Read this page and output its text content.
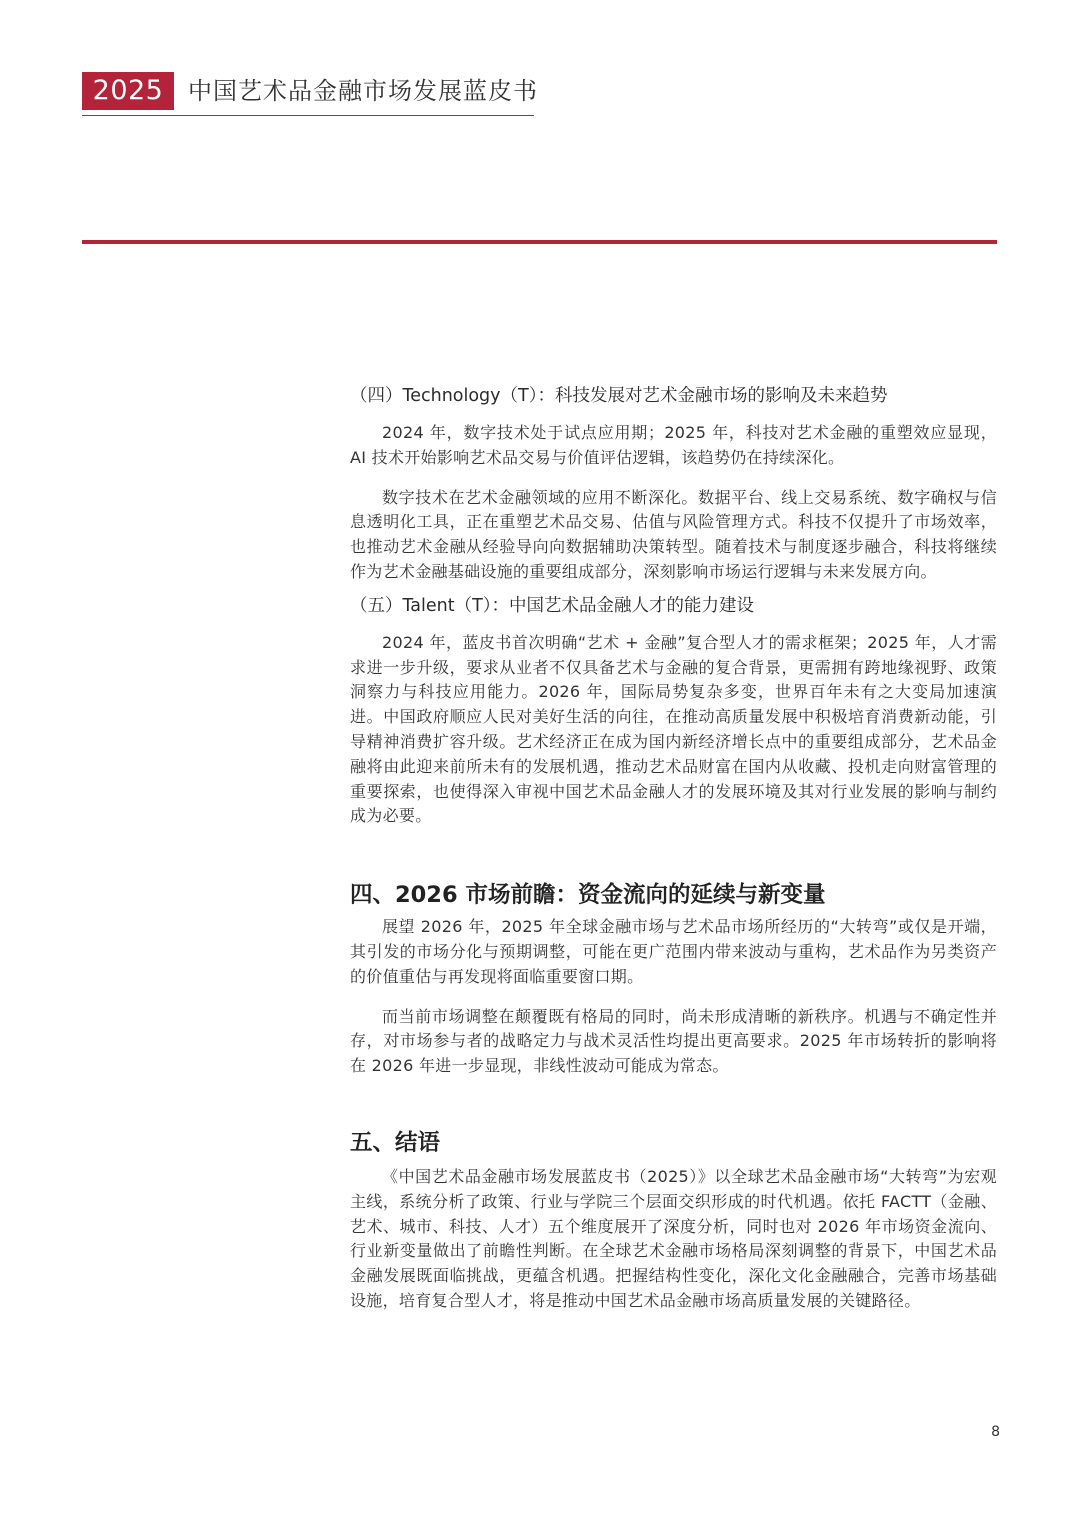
2025	中国艺术品金融市场发展蓝皮书

（四）Technology（T）：科技发展对艺术金融市场的影响及未来趋势

2024 年，数字技术处于试点应用期；2025 年，科技对艺术金融的重塑效应显现，AI 技术开始影响艺术品交易与价值评估逻辑，该趋势仍在持续深化。

数字技术在艺术金融领域的应用不断深化。数据平台、线上交易系统、数字确权与信息透明化工具，正在重塑艺术品交易、估值与风险管理方式。科技不仅提升了市场效率，也推动艺术金融从经验导向向数据辅助决策转型。随着技术与制度逐步融合，科技将继续作为艺术金融基础设施的重要组成部分，深刻影响市场运行逻辑与未来发展方向。

（五）Talent（T）：中国艺术品金融人才的能力建设

2024 年，蓝皮书首次明确“艺术 + 金融”复合型人才的需求框架；2025 年，人才需求进一步升级，要求从业者不仅具备艺术与金融的复合背景，更需拥有跨地缘视野、政策洞察力与科技应用能力。2026 年，国际局势复杂多变，世界百年未有之大变局加速演进。中国政府顺应人民对美好生活的向往，在推动高质量发展中积极培育消费新动能，引导精神消费扩容升级。艺术经济正在成为国内新经济增长点中的重要组成部分，艺术品金融将由此迎来前所未有的发展机遇，推动艺术品财富在国内从收藏、投机走向财富管理的重要探索，也使得深入审视中国艺术品金融人才的发展环境及其对行业发展的影响与制约成为必要。

四、2026 市场前瞻：资金流向的延续与新变量

展望 2026 年，2025 年全球金融市场与艺术品市场所经历的“大转弯”或仅是开端，其引发的市场分化与预期调整，可能在更广范围内带来波动与重构，艺术品作为另类资产的价值重估与再发现将面临重要窗口期。

而当前市场调整在颠覆既有格局的同时，尚未形成清晰的新秩序。机遇与不确定性并存，对市场参与者的战略定力与战术灵活性均提出更高要求。2025 年市场转折的影响将在 2026 年进一步显现，非线性波动可能成为常态。

五、结语

《中国艺术品金融市场发展蓝皮书（2025）》以全球艺术品金融市场“大转弯”为宏观主线，系统分析了政策、行业与学院三个层面交织形成的时代机遇。依托 FACTT（金融、艺术、城市、科技、人才）五个维度展开了深度分析，同时也对 2026 年市场资金流向、行业新变量做出了前瞻性判断。在全球艺术金融市场格局深刻调整的背景下，中国艺术品金融发展既面临挑战，更蕴含机遇。把握结构性变化，深化文化金融融合，完善市场基础设施，培育复合型人才，将是推动中国艺术品金融市场高质量发展的关键路径。

8
